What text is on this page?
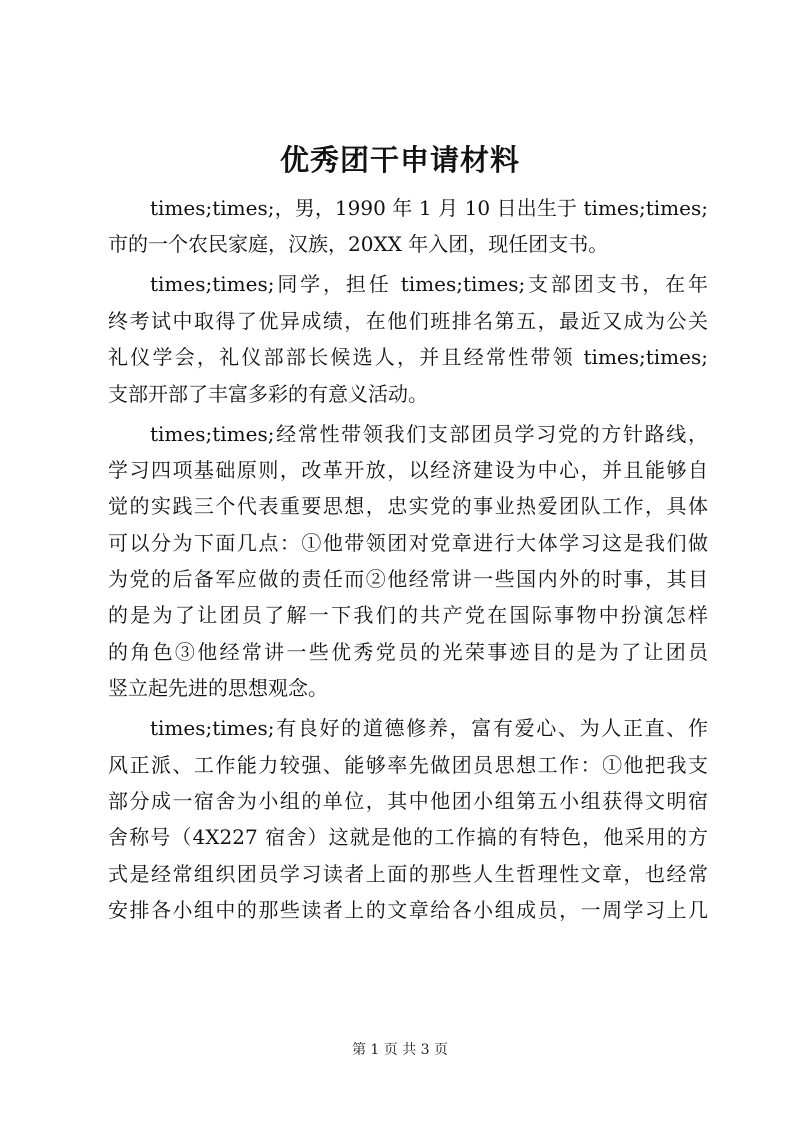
优秀团干申请材料
times;times;，男，1990 年 1 月 10 日出生于 times;times;
市的一个农民家庭，汉族，20XX 年入团，现任团支书。
times;times;同学，担任 times;times;支部团支书，在年
终考试中取得了优异成绩，在他们班排名第五，最近又成为公关
礼仪学会，礼仪部部长候选人，并且经常性带领 times;times;
支部开部了丰富多彩的有意义活动。
times;times;经常性带领我们支部团员学习党的方针路线，
学习四项基础原则，改革开放，以经济建设为中心，并且能够自
觉的实践三个代表重要思想，忠实党的事业热爱团队工作，具体
可以分为下面几点：①他带领团对党章进行大体学习这是我们做
为党的后备军应做的责任而②他经常讲一些国内外的时事，其目
的是为了让团员了解一下我们的共产党在国际事物中扮演怎样
的角色③他经常讲一些优秀党员的光荣事迹目的是为了让团员
竖立起先进的思想观念。
times;times;有良好的道德修养，富有爱心、为人正直、作
风正派、工作能力较强、能够率先做团员思想工作：①他把我支
部分成一宿舍为小组的单位，其中他团小组第五小组获得文明宿
舍称号（4X227 宿舍）这就是他的工作搞的有特色，他采用的方
式是经常组织团员学习读者上面的那些人生哲理性文章，也经常
安排各小组中的那些读者上的文章给各小组成员，一周学习上几
第 1 页 共 3 页
